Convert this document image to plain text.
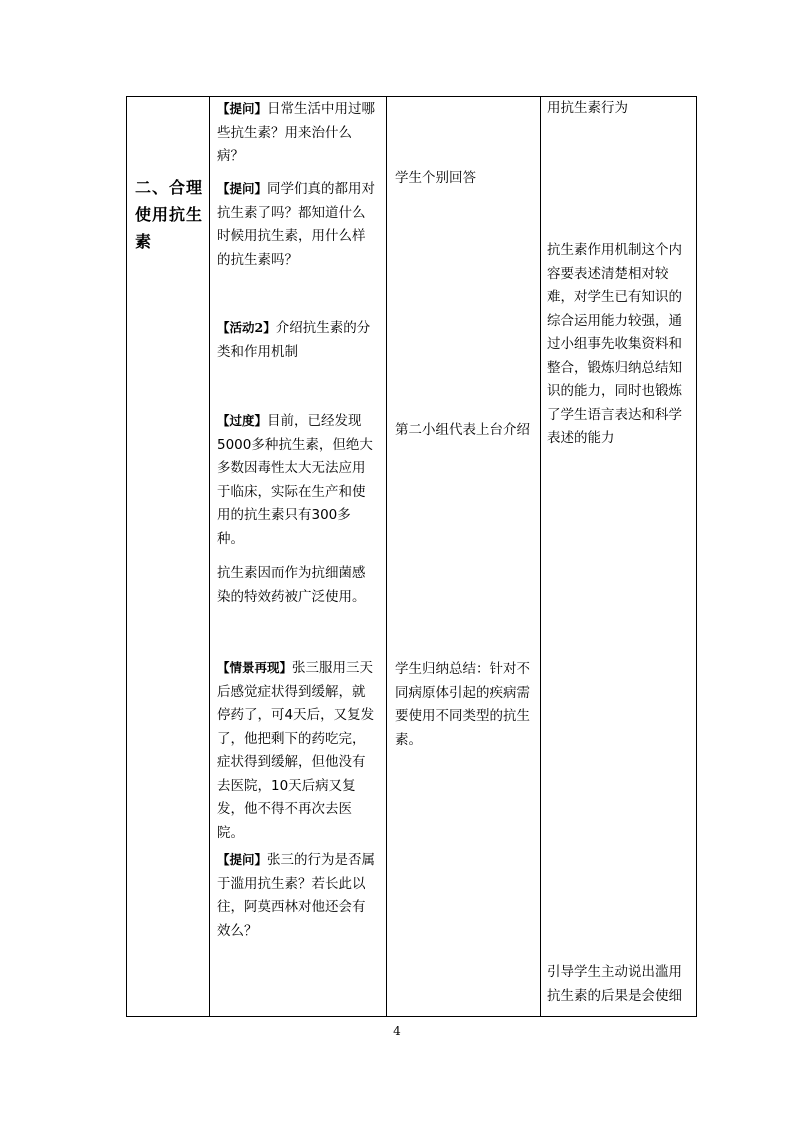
二、合理使用抗生素
【提问】日常生活中用过哪些抗生素？用来治什么病？
【提问】同学们真的都用对抗生素了吗？都知道什么时候用抗生素，用什么样的抗生素吗？
【活动2】介绍抗生素的分类和作用机制
【过度】目前，已经发现5000多种抗生素，但绝大多数因毒性太大无法应用于临床，实际在生产和使用的抗生素只有300多种。
抗生素因而作为抗细菌感染的特效药被广泛使用。
【情景再现】张三服用三天后感觉症状得到缓解，就停药了，可4天后，又复发了，他把剩下的药吃完，症状得到缓解，但他没有去医院，10天后病又复发，他不得不再次去医院。
【提问】张三的行为是否属于滥用抗生素？若长此以往，阿莫西林对他还会有效么？
学生个别回答
第二小组代表上台介绍
学生归纳总结：针对不同病原体引起的疾病需要使用不同类型的抗生素。
用抗生素行为
抗生素作用机制这个内容要表述清楚相对较难，对学生已有知识的综合运用能力较强，通过小组事先收集资料和整合，锻炼归纳总结知识的能力，同时也锻炼了学生语言表达和科学表述的能力
引导学生主动说出滥用抗生素的后果是会使细
4
